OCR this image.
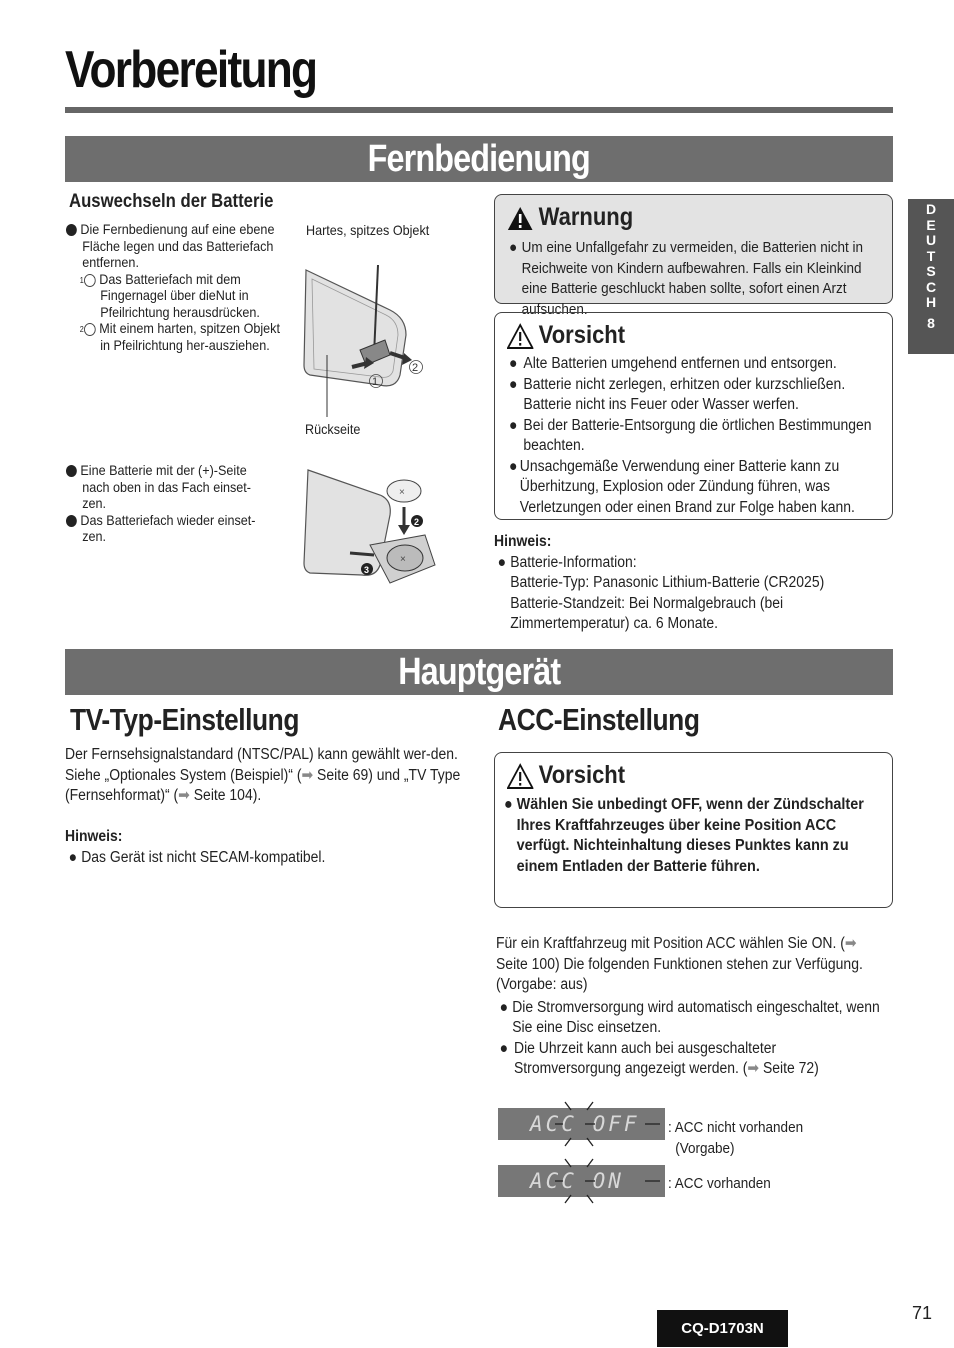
Vorbereitung
D
E
U
T
S
C
H
8
Fernbedienung
Auswechseln der Batterie
1 Die Fernbedienung auf eine ebene Fläche legen und das Batteriefach entfernen.
1 Das Batteriefach mit dem Fingernagel über dieNut in Pfeilrichtung herausdrücken.
2 Mit einem harten, spitzen Objekt in Pfeilrichtung her-ausziehen.
2 Eine Batterie mit der (+)-Seite nach oben in das Fach einset-zen.
3 Das Batteriefach wieder einset-zen.
Hartes, spitzes Objekt
Rückseite
1
2
×
×
2
3
Warnung
● Um eine Unfallgefahr zu vermeiden, die Batterien nicht in Reichweite von Kindern aufbewahren. Falls ein Kleinkind eine Batterie geschluckt haben sollte, sofort einen Arzt aufsuchen.
Vorsicht
● Alte Batterien umgehend entfernen und entsorgen.
● Batterie nicht zerlegen, erhitzen oder kurzschließen. Batterie nicht ins Feuer oder Wasser werfen.
● Bei der Batterie-Entsorgung die örtlichen Bestimmungen beachten.
● Unsachgemäße Verwendung einer Batterie kann zu Überhitzung, Explosion oder Zündung führen, was Verletzungen oder einen Brand zur Folge haben kann.
Hinweis:
● Batterie-Information:
Batterie-Typ: Panasonic Lithium-Batterie (CR2025)
Batterie-Standzeit: Bei Normalgebrauch (bei Zimmertemperatur) ca. 6 Monate.
Hauptgerät
TV-Typ-Einstellung
Der Fernsehsignalstandard (NTSC/PAL) kann gewählt wer-den. Siehe „Optionales System (Beispiel)“ (➡ Seite 69) und „TV Type (Fernsehformat)“ (➡ Seite 104).
Hinweis:
● Das Gerät ist nicht SECAM-kompatibel.
ACC-Einstellung
Vorsicht
● Wählen Sie unbedingt OFF, wenn der Zündschalter Ihres Kraftfahrzeuges über keine Position ACC verfügt. Nichteinhaltung dieses Punktes kann zu einem Entladen der Batterie führen.
Für ein Kraftfahrzeug mit Position ACC wählen Sie ON. (➡ Seite 100) Die folgenden Funktionen stehen zur Verfügung. (Vorgabe: aus)
● Die Stromversorgung wird automatisch eingeschaltet, wenn Sie eine Disc einsetzen.
● Die Uhrzeit kann auch bei ausgeschalteter Stromversorgung angezeigt werden. (➡ Seite 72)
ACC OFF : ACC nicht vorhanden
(Vorgabe)
ACC ON	: ACC vorhanden
71
CQ-D1703N
